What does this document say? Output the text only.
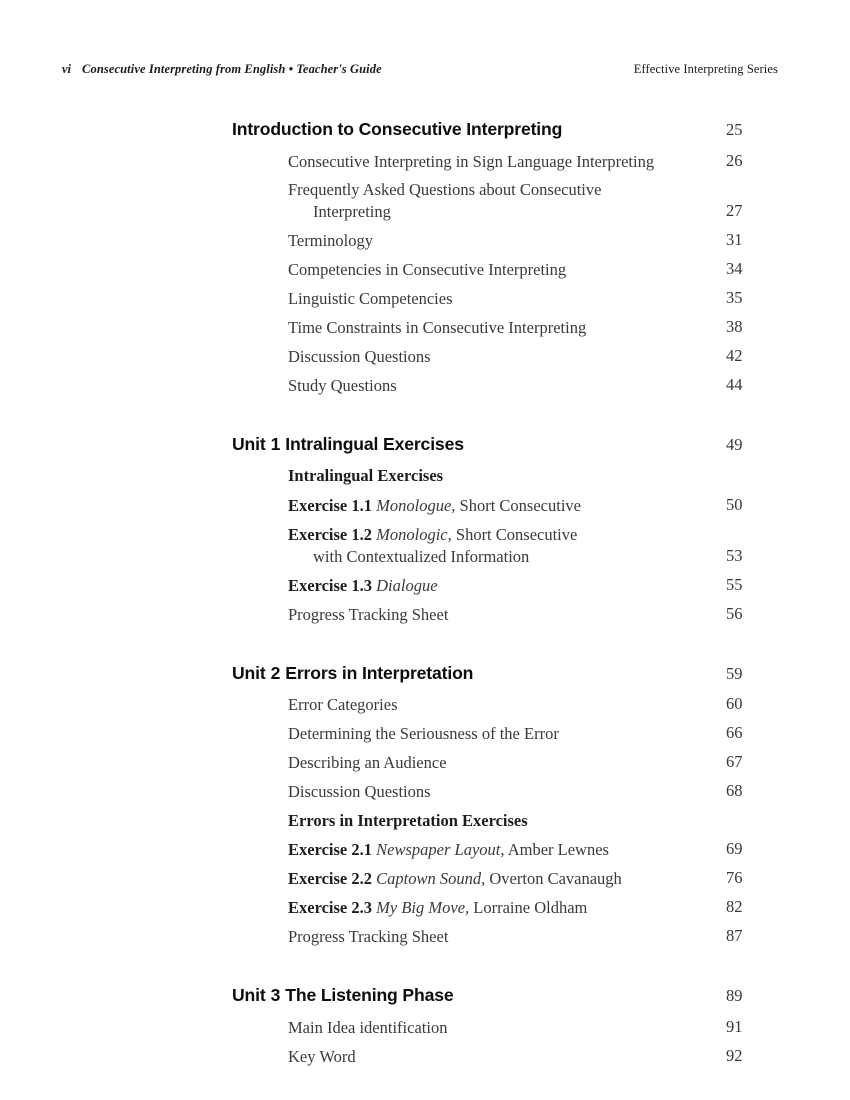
vi Consecutive Interpreting from English • Teacher's Guide	Effective Interpreting Series
Introduction to Consecutive Interpreting	25
Consecutive Interpreting in Sign Language Interpreting	26
Frequently Asked Questions about Consecutive
Interpreting	27
Terminology	31
Competencies in Consecutive Interpreting	34
Linguistic Competencies	35
Time Constraints in Consecutive Interpreting	38
Discussion Questions	42
Study Questions	44
Unit 1 Intralingual Exercises	49
Intralingual Exercises
Exercise 1.1 Monologue, Short Consecutive	50
Exercise 1.2 Monologic, Short Consecutive
with Contextualized Information	53
Exercise 1.3 Dialogue	55
Progress Tracking Sheet	56
Unit 2 Errors in Interpretation	59
Error Categories	60
Determining the Seriousness of the Error	66
Describing an Audience	67
Discussion Questions	68
Errors in Interpretation Exercises
Exercise 2.1 Newspaper Layout, Amber Lewnes	69
Exercise 2.2 Captown Sound, Overton Cavanaugh	76
Exercise 2.3 My Big Move, Lorraine Oldham	82
Progress Tracking Sheet	87
Unit 3 The Listening Phase	89
Main Idea identification	91
Key Word	92
